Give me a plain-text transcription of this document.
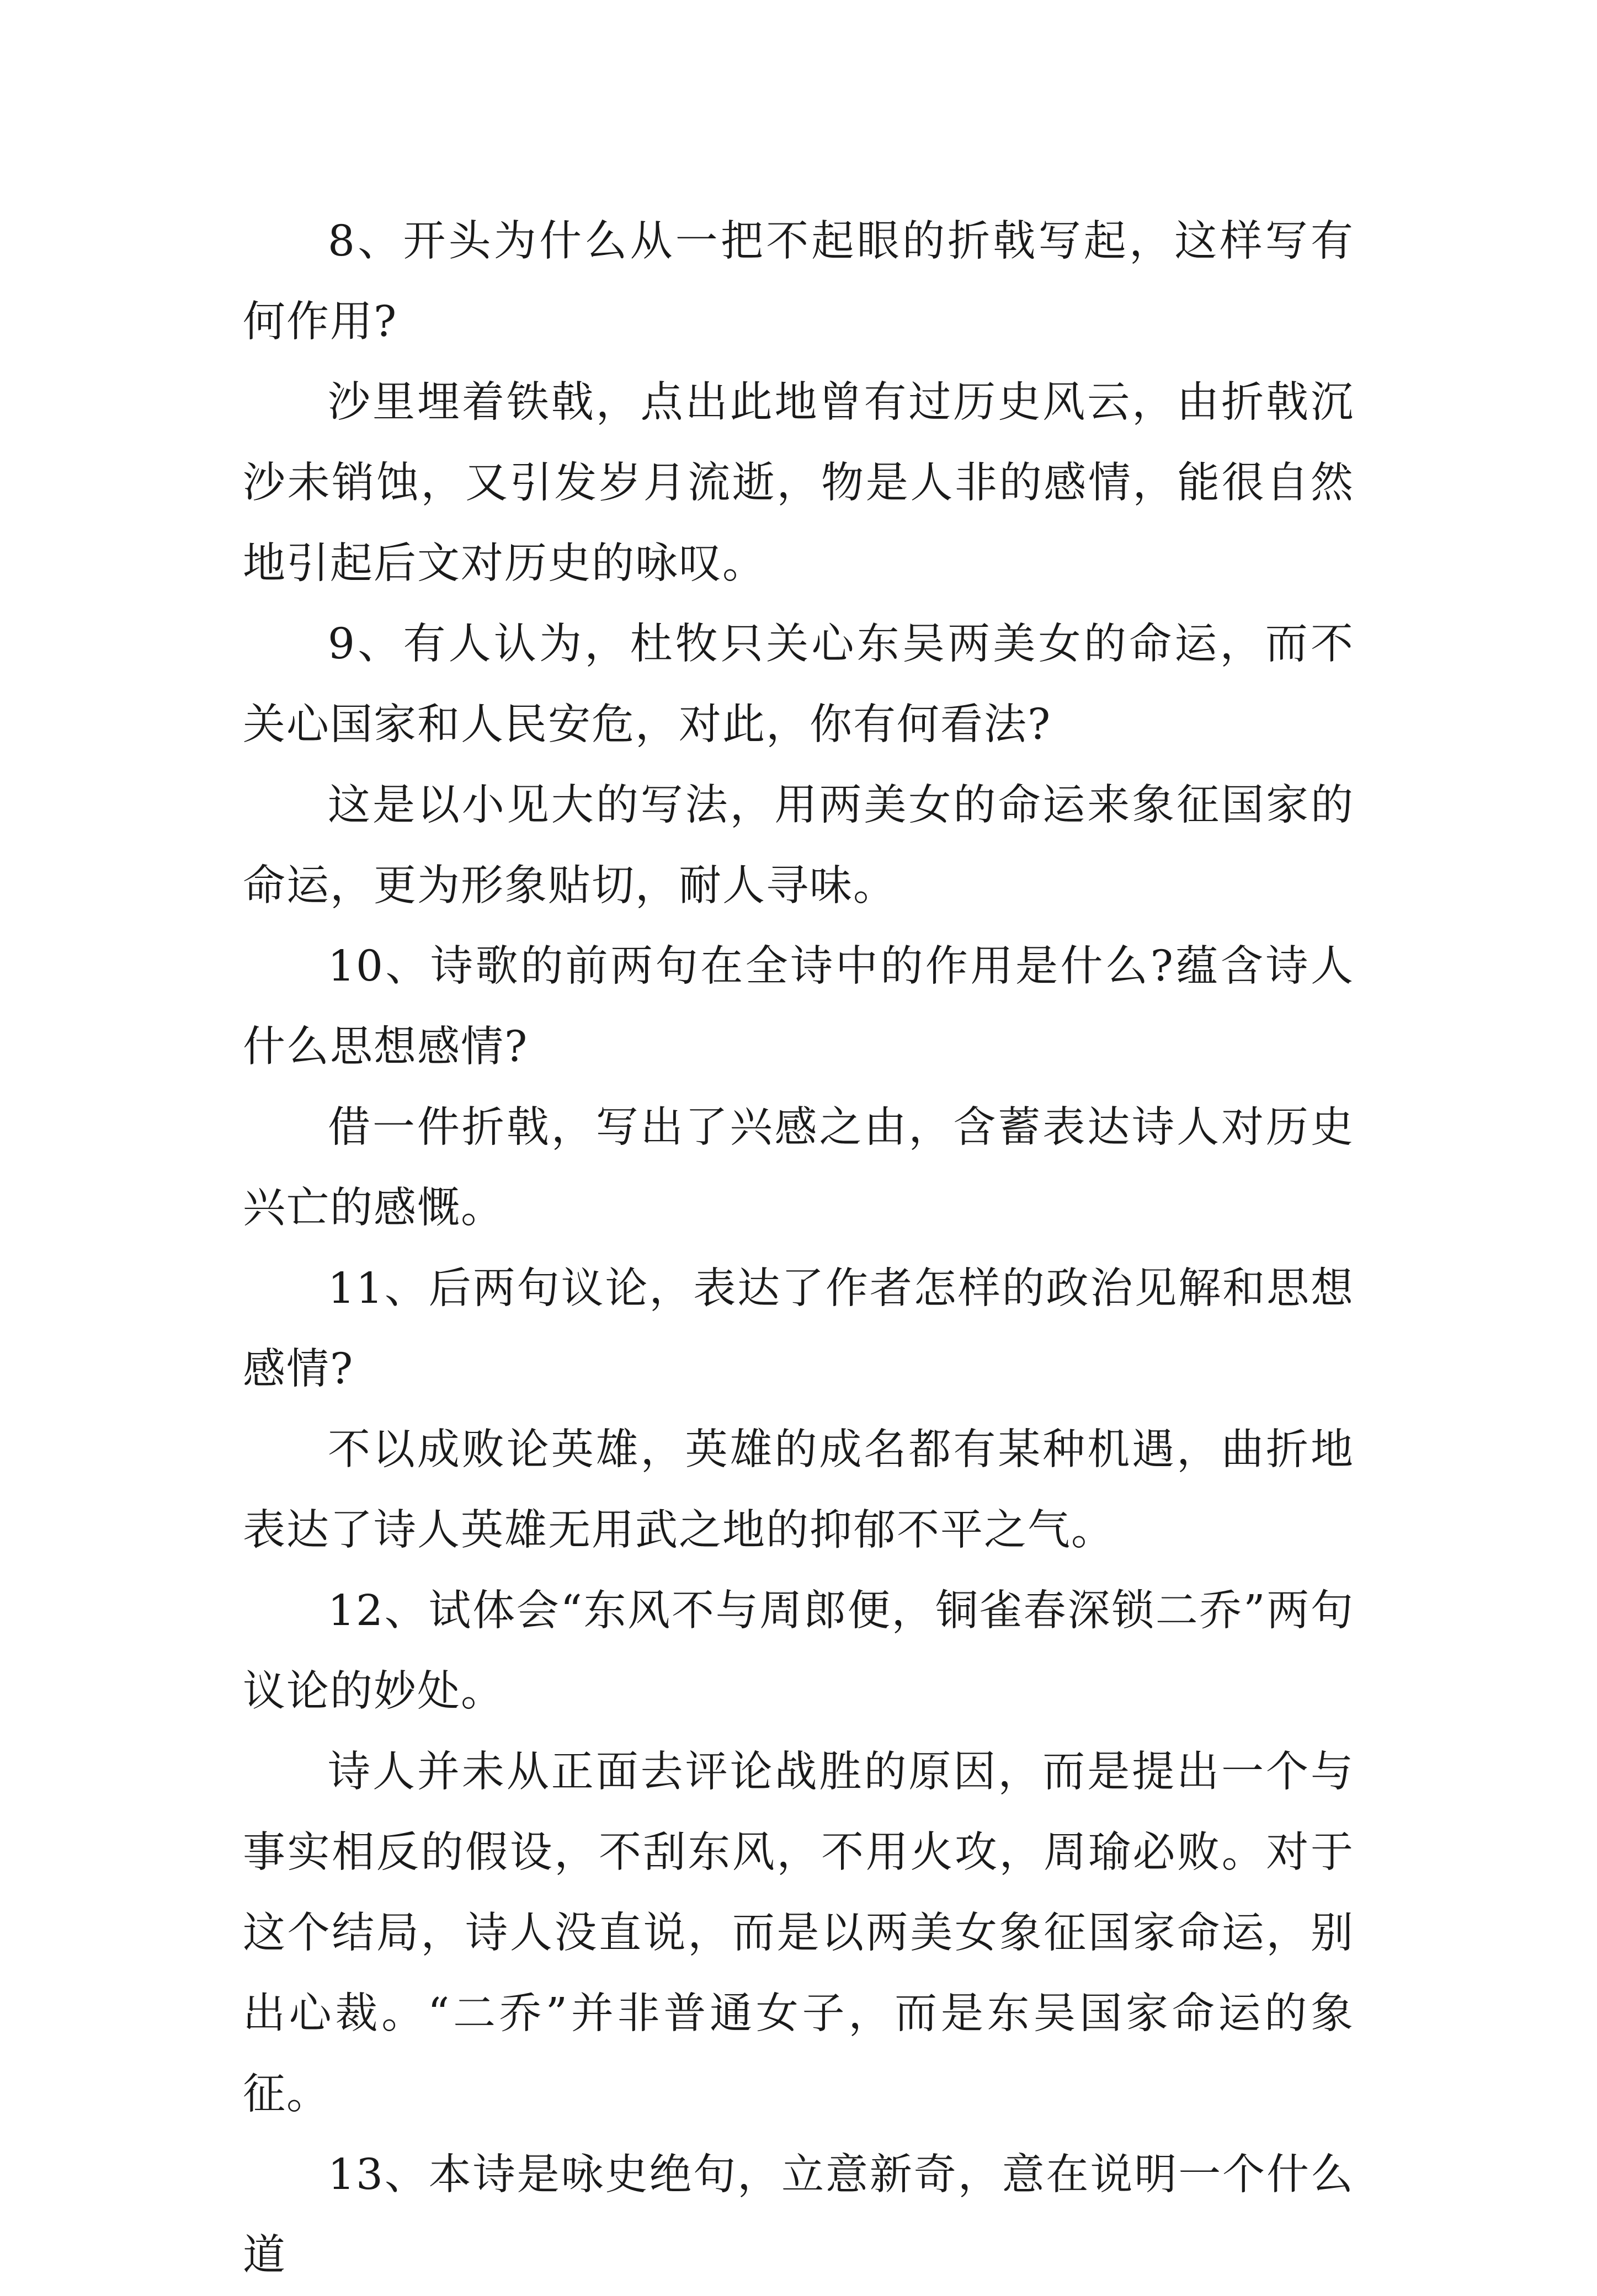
8、开头为什么从一把不起眼的折戟写起，这样写有何作用?

沙里埋着铁戟，点出此地曾有过历史风云，由折戟沉沙未销蚀，又引发岁月流逝，物是人非的感情，能很自然地引起后文对历史的咏叹。

9、有人认为，杜牧只关心东吴两美女的命运，而不关心国家和人民安危，对此，你有何看法?

这是以小见大的写法，用两美女的命运来象征国家的命运，更为形象贴切，耐人寻味。

10、诗歌的前两句在全诗中的作用是什么?蕴含诗人什么思想感情?

借一件折戟，写出了兴感之由，含蓄表达诗人对历史兴亡的感慨。

11、后两句议论，表达了作者怎样的政治见解和思想感情?

不以成败论英雄，英雄的成名都有某种机遇，曲折地表达了诗人英雄无用武之地的抑郁不平之气。

12、试体会“东风不与周郎便，铜雀春深锁二乔”两句议论的妙处。

诗人并未从正面去评论战胜的原因，而是提出一个与事实相反的假设，不刮东风，不用火攻，周瑜必败。对于这个结局，诗人没直说，而是以两美女象征国家命运，别出心裁。“二乔”并非普通女子，而是东吴国家命运的象征。

13、本诗是咏史绝句，立意新奇，意在说明一个什么道
